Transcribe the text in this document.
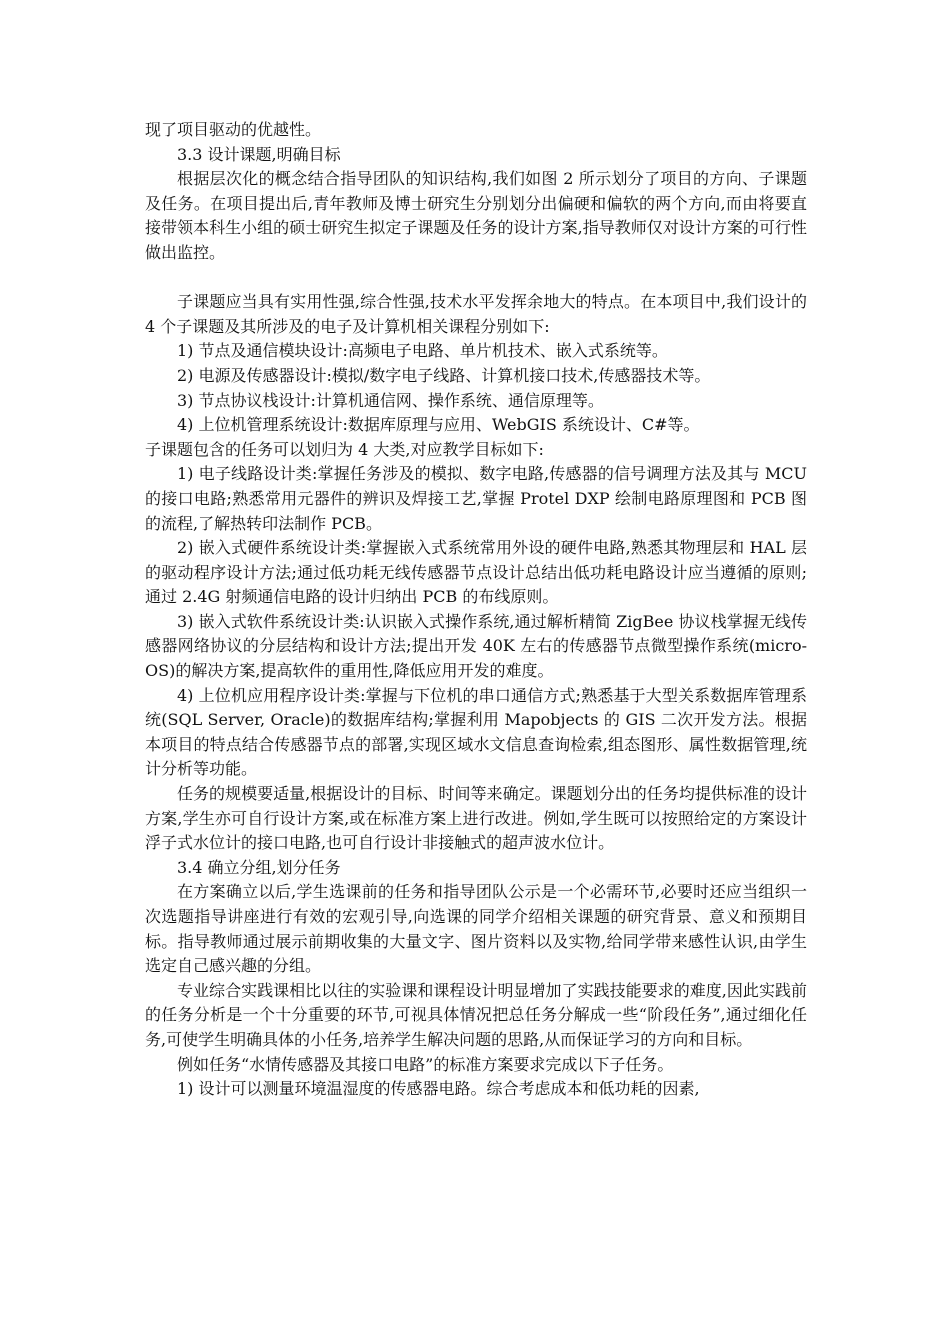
现了项目驱动的优越性。

3.3 设计课题,明确目标

根据层次化的概念结合指导团队的知识结构,我们如图 2 所示划分了项目的方向、子课题及任务。在项目提出后,青年教师及博士研究生分别划分出偏硬和偏软的两个方向,而由将要直接带领本科生小组的硕士研究生拟定子课题及任务的设计方案,指导教师仅对设计方案的可行性做出监控。

子课题应当具有实用性强,综合性强,技术水平发挥余地大的特点。在本项目中,我们设计的 4 个子课题及其所涉及的电子及计算机相关课程分别如下:

1) 节点及通信模块设计:高频电子电路、单片机技术、嵌入式系统等。

2) 电源及传感器设计:模拟/数字电子线路、计算机接口技术,传感器技术等。

3) 节点协议栈设计:计算机通信网、操作系统、通信原理等。

4) 上位机管理系统设计:数据库原理与应用、WebGIS 系统设计、C#等。

子课题包含的任务可以划归为 4 大类,对应教学目标如下:

1) 电子线路设计类:掌握任务涉及的模拟、数字电路,传感器的信号调理方法及其与 MCU 的接口电路;熟悉常用元器件的辨识及焊接工艺,掌握 Protel DXP 绘制电路原理图和 PCB 图的流程,了解热转印法制作 PCB。

2) 嵌入式硬件系统设计类:掌握嵌入式系统常用外设的硬件电路,熟悉其物理层和 HAL 层的驱动程序设计方法;通过低功耗无线传感器节点设计总结出低功耗电路设计应当遵循的原则;通过 2.4G 射频通信电路的设计归纳出 PCB 的布线原则。

3) 嵌入式软件系统设计类:认识嵌入式操作系统,通过解析精简 ZigBee 协议栈掌握无线传感器网络协议的分层结构和设计方法;提出开发 40K 左右的传感器节点微型操作系统(micro-OS)的解决方案,提高软件的重用性,降低应用开发的难度。

4) 上位机应用程序设计类:掌握与下位机的串口通信方式;熟悉基于大型关系数据库管理系统(SQL Server, Oracle)的数据库结构;掌握利用 Mapobjects 的 GIS 二次开发方法。根据本项目的特点结合传感器节点的部署,实现区域水文信息查询检索,组态图形、属性数据管理,统计分析等功能。

任务的规模要适量,根据设计的目标、时间等来确定。课题划分出的任务均提供标准的设计方案,学生亦可自行设计方案,或在标准方案上进行改进。例如,学生既可以按照给定的方案设计浮子式水位计的接口电路,也可自行设计非接触式的超声波水位计。

3.4 确立分组,划分任务

在方案确立以后,学生选课前的任务和指导团队公示是一个必需环节,必要时还应当组织一次选题指导讲座进行有效的宏观引导,向选课的同学介绍相关课题的研究背景、意义和预期目标。指导教师通过展示前期收集的大量文字、图片资料以及实物,给同学带来感性认识,由学生选定自己感兴趣的分组。

专业综合实践课相比以往的实验课和课程设计明显增加了实践技能要求的难度,因此实践前的任务分析是一个十分重要的环节,可视具体情况把总任务分解成一些“阶段任务”,通过细化任务,可使学生明确具体的小任务,培养学生解决问题的思路,从而保证学习的方向和目标。

例如任务“水情传感器及其接口电路”的标准方案要求完成以下子任务。

1) 设计可以测量环境温湿度的传感器电路。综合考虑成本和低功耗的因素,
